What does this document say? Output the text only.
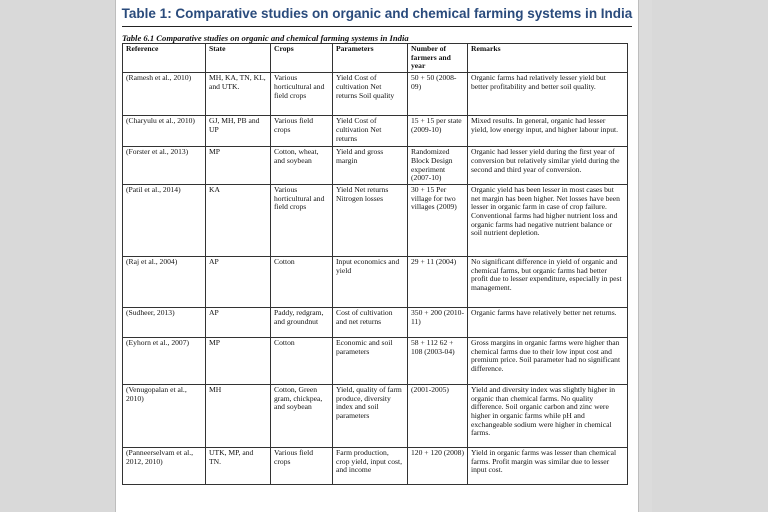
Table 1: Comparative studies on organic and chemical farming systems in India
Table 6.1 Comparative studies on organic and chemical farming systems in India
Reference	State	Crops	Parameters	Number of farmers and year	Remarks
(Ramesh et al., 2010)	MH, KA, TN, KL, and UTK.	Various horticultural and field crops	Yield Cost of cultivation Net returns Soil quality	50 + 50 (2008-09)	Organic farms had relatively lesser yield but better profitability and better soil quality.
(Charyulu et al., 2010)	GJ, MH, PB and UP	Various field crops	Yield Cost of cultivation Net returns	15 + 15 per state (2009-10)	Mixed results. In general, organic had lesser yield, low energy input, and higher labour input.
(Forster et al., 2013)	MP	Cotton, wheat, and soybean	Yield and gross margin	Randomized Block Design experiment (2007-10)	Organic had lesser yield during the first year of conversion but relatively similar yield during the second and third year of conversion.
(Patil et al., 2014)	KA	Various horticultural and field crops	Yield Net returns Nitrogen losses	30 + 15 Per village for two villages (2009)	Organic yield has been lesser in most cases but net margin has been higher. Net losses have been lesser in organic farm in case of crop failure. Conventional farms had higher nutrient loss and organic farms had negative nutrient balance or soil nutrient depletion.
(Raj et al., 2004)	AP	Cotton	Input economics and yield	29 + 11 (2004)	No significant difference in yield of organic and chemical farms, but organic farms had better profit due to lesser expenditure, especially in pest management.
(Sudheer, 2013)	AP	Paddy, redgram, and groundnut	Cost of cultivation and net returns	350 + 200 (2010-11)	Organic farms have relatively better net returns.
(Eyhorn et al., 2007)	MP	Cotton	Economic and soil parameters	58 + 112 62 + 108 (2003-04)	Gross margins in organic farms were higher than chemical farms due to their low input cost and premium price. Soil parameter had no significant difference.
(Venugopalan et al., 2010)	MH	Cotton, Green gram, chickpea, and soybean	Yield, quality of farm produce, diversity index and soil parameters	(2001-2005)	Yield and diversity index was slightly higher in organic than chemical farms. No quality difference. Soil organic carbon and zinc were higher in organic farms while pH and exchangeable sodium were higher in chemical farms.
(Panneerselvam et al., 2012, 2010)	UTK, MP, and TN.	Various field crops	Farm production, crop yield, input cost, and income	120 + 120 (2008)	Yield in organic farms was lesser than chemical farms. Profit margin was similar due to lesser input cost.
